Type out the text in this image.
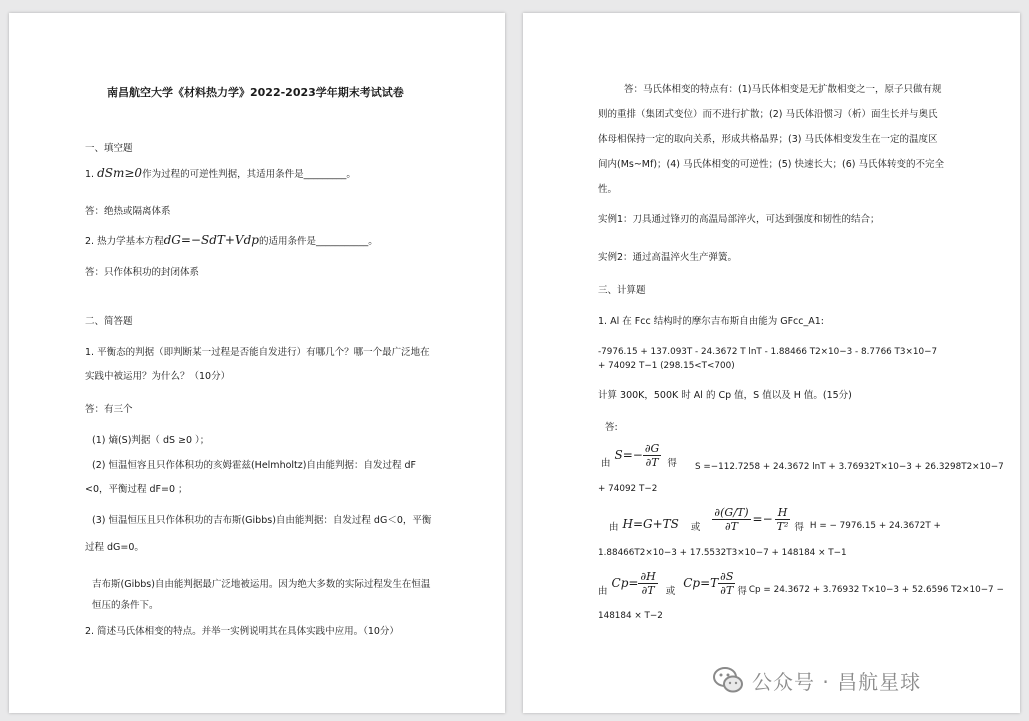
南昌航空大学《材料热力学》2022-2023学年期末考试试卷
一、填空题
1. dSm≥0作为过程的可逆性判据，其适用条件是_________。
答：绝热或隔离体系
2. 热力学基本方程dG=−SdT+Vdp的适用条件是___________。
答：只作体积功的封闭体系
二、简答题
1. 平衡态的判据（即判断某一过程是否能自发进行）有哪几个？哪一个最广泛地在实践中被运用？为什么？（10分）
答：有三个
(1) 熵(S)判据（ dS ≥0 ）；
(2) 恒温恒容且只作体积功的亥姆霍兹(Helmholtz)自由能判据：自发过程 dF <0，平衡过程 dF=0 ；
(3) 恒温恒压且只作体积功的吉布斯(Gibbs)自由能判据：自发过程 dG＜0，平衡过程 dG=0。
吉布斯(Gibbs)自由能判据最广泛地被运用。因为绝大多数的实际过程发生在恒温恒压的条件下。
2. 简述马氏体相变的特点。并举一实例说明其在具体实践中应用。（10分）
答：马氏体相变的特点有：(1)马氏体相变是无扩散相变之一，原子只做有规则的重排（集团式变位）而不进行扩散；(2) 马氏体沿惯习（析）面生长并与奥氏体母相保持一定的取向关系，形成共格晶界；(3) 马氏体相变发生在一定的温度区间内(Ms~Mf)；(4) 马氏体相变的可逆性；(5) 快速长大；(6) 马氏体转变的不完全性。
实例1：刀具通过锋刃的高温局部淬火，可达到强度和韧性的结合；
实例2：通过高温淬火生产弹簧。
三、计算题
1. Al 在 Fcc 结构时的摩尔吉布斯自由能为 GFcc_A1:
-7976.15 + 137.093T - 24.3672 T lnT - 1.88466 T2×10−3 - 8.7766 T3×10−7 + 74092 T−1 (298.15<T<700)
计算 300K，500K 时 Al 的 Cp 值，S 值以及 H 值。(15分)
答:
由
$S=- \frac{\partial G}{\partial T}$ 得 S =−112.7258 + 24.3672 lnT + 3.76932T×10−3 + 26.3298T2×10−7
+ 74092 T−2
由 H=G+TS 或 $\frac{\partial(G/T)}{\partial T} =- \frac{H}{\text{T²}}$ 得 H = − 7976.15 + 24.3672T +
1.88466T2×10−3 + 17.5532T3×10−7 + 148184 × T−1
由
$Cp= \frac{\partial H}{\partial T}$ 或
$Cp=T \frac{\partial S}{\partial T}$ 得 Cp = 24.3672 + 3.76932 T×10−3 + 52.6596 T2×10−7 −
148184 × T−2
公众号 · 昌航星球
